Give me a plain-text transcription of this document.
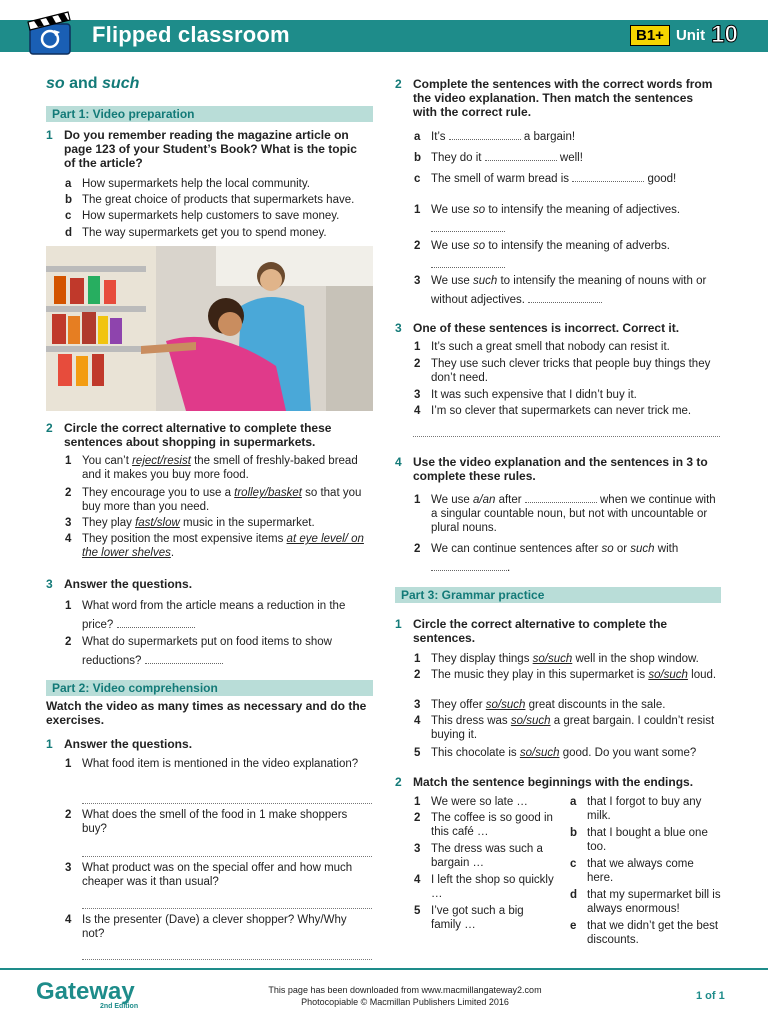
Flipped classroom	B1+ Unit 10
so and such
Part 1: Video preparation
1 Do you remember reading the magazine article on page 123 of your Student’s Book? What is the topic of the article?
a How supermarkets help the local community.
b The great choice of products that supermarkets have.
c How supermarkets help customers to save money.
d The way supermarkets get you to spend money.
2 Circle the correct alternative to complete these sentences about shopping in supermarkets.
1 You can’t reject/resist the smell of freshly-baked bread and it makes you buy more food.
2 They encourage you to use a trolley/basket so that you buy more than you need.
3 They play fast/slow music in the supermarket.
4 They position the most expensive items at eye level/ on the lower shelves.
3 Answer the questions.
1 What word from the article means a reduction in the price?
2 What do supermarkets put on food items to show reductions?
Part 2: Video comprehension
Watch the video as many times as necessary and do the exercises.
1 Answer the questions.
1 What food item is mentioned in the video explanation?
2 What does the smell of the food in 1 make shoppers buy?
3 What product was on the special offer and how much cheaper was it than usual?
4 Is the presenter (Dave) a clever shopper? Why/Why not?
2 Complete the sentences with the correct words from the video explanation. Then match the sentences with the correct rule.
a It’s	a bargain!
b They do it	well!
c The smell of warm bread is	good!
1 We use so to intensify the meaning of adjectives.

2 We use so to intensify the meaning of adverbs.

3 We use such to intensify the meaning of nouns with or without adjectives.
3 One of these sentences is incorrect. Correct it.
1 It’s such a great smell that nobody can resist it.
2 They use such clever tricks that people buy things they don’t need.
3 It was such expensive that I didn’t buy it.
4 I’m so clever that supermarkets can never trick me.
4 Use the video explanation and the sentences in 3 to complete these rules.
1 We use a/an after	when we continue with a singular countable noun, but not with uncountable or plural nouns.
2 We can continue sentences after so or such with
.
Part 3: Grammar practice
1 Circle the correct alternative to complete the sentences.
1 They display things so/such well in the shop window.
2 The music they play in this supermarket is so/such loud.
3 They offer so/such great discounts in the sale.
4 This dress was so/such a great bargain. I couldn’t resist buying it.
5 This chocolate is so/such good. Do you want some?
2 Match the sentence beginnings with the endings.
1 We were so late …
2 The coffee is so good in this café …
3 The dress was such a bargain …
4 I left the shop so quickly …
5 I’ve got such a big family …
a that I forgot to buy any milk.
b that I bought a blue one too.
c that we always come here.
d that my supermarket bill is always enormous!
e that we didn’t get the best discounts.
Gateway
2nd Edition
This page has been downloaded from www.macmillangateway2.com
Photocopiable © Macmillan Publishers Limited 2016	1 of 1
